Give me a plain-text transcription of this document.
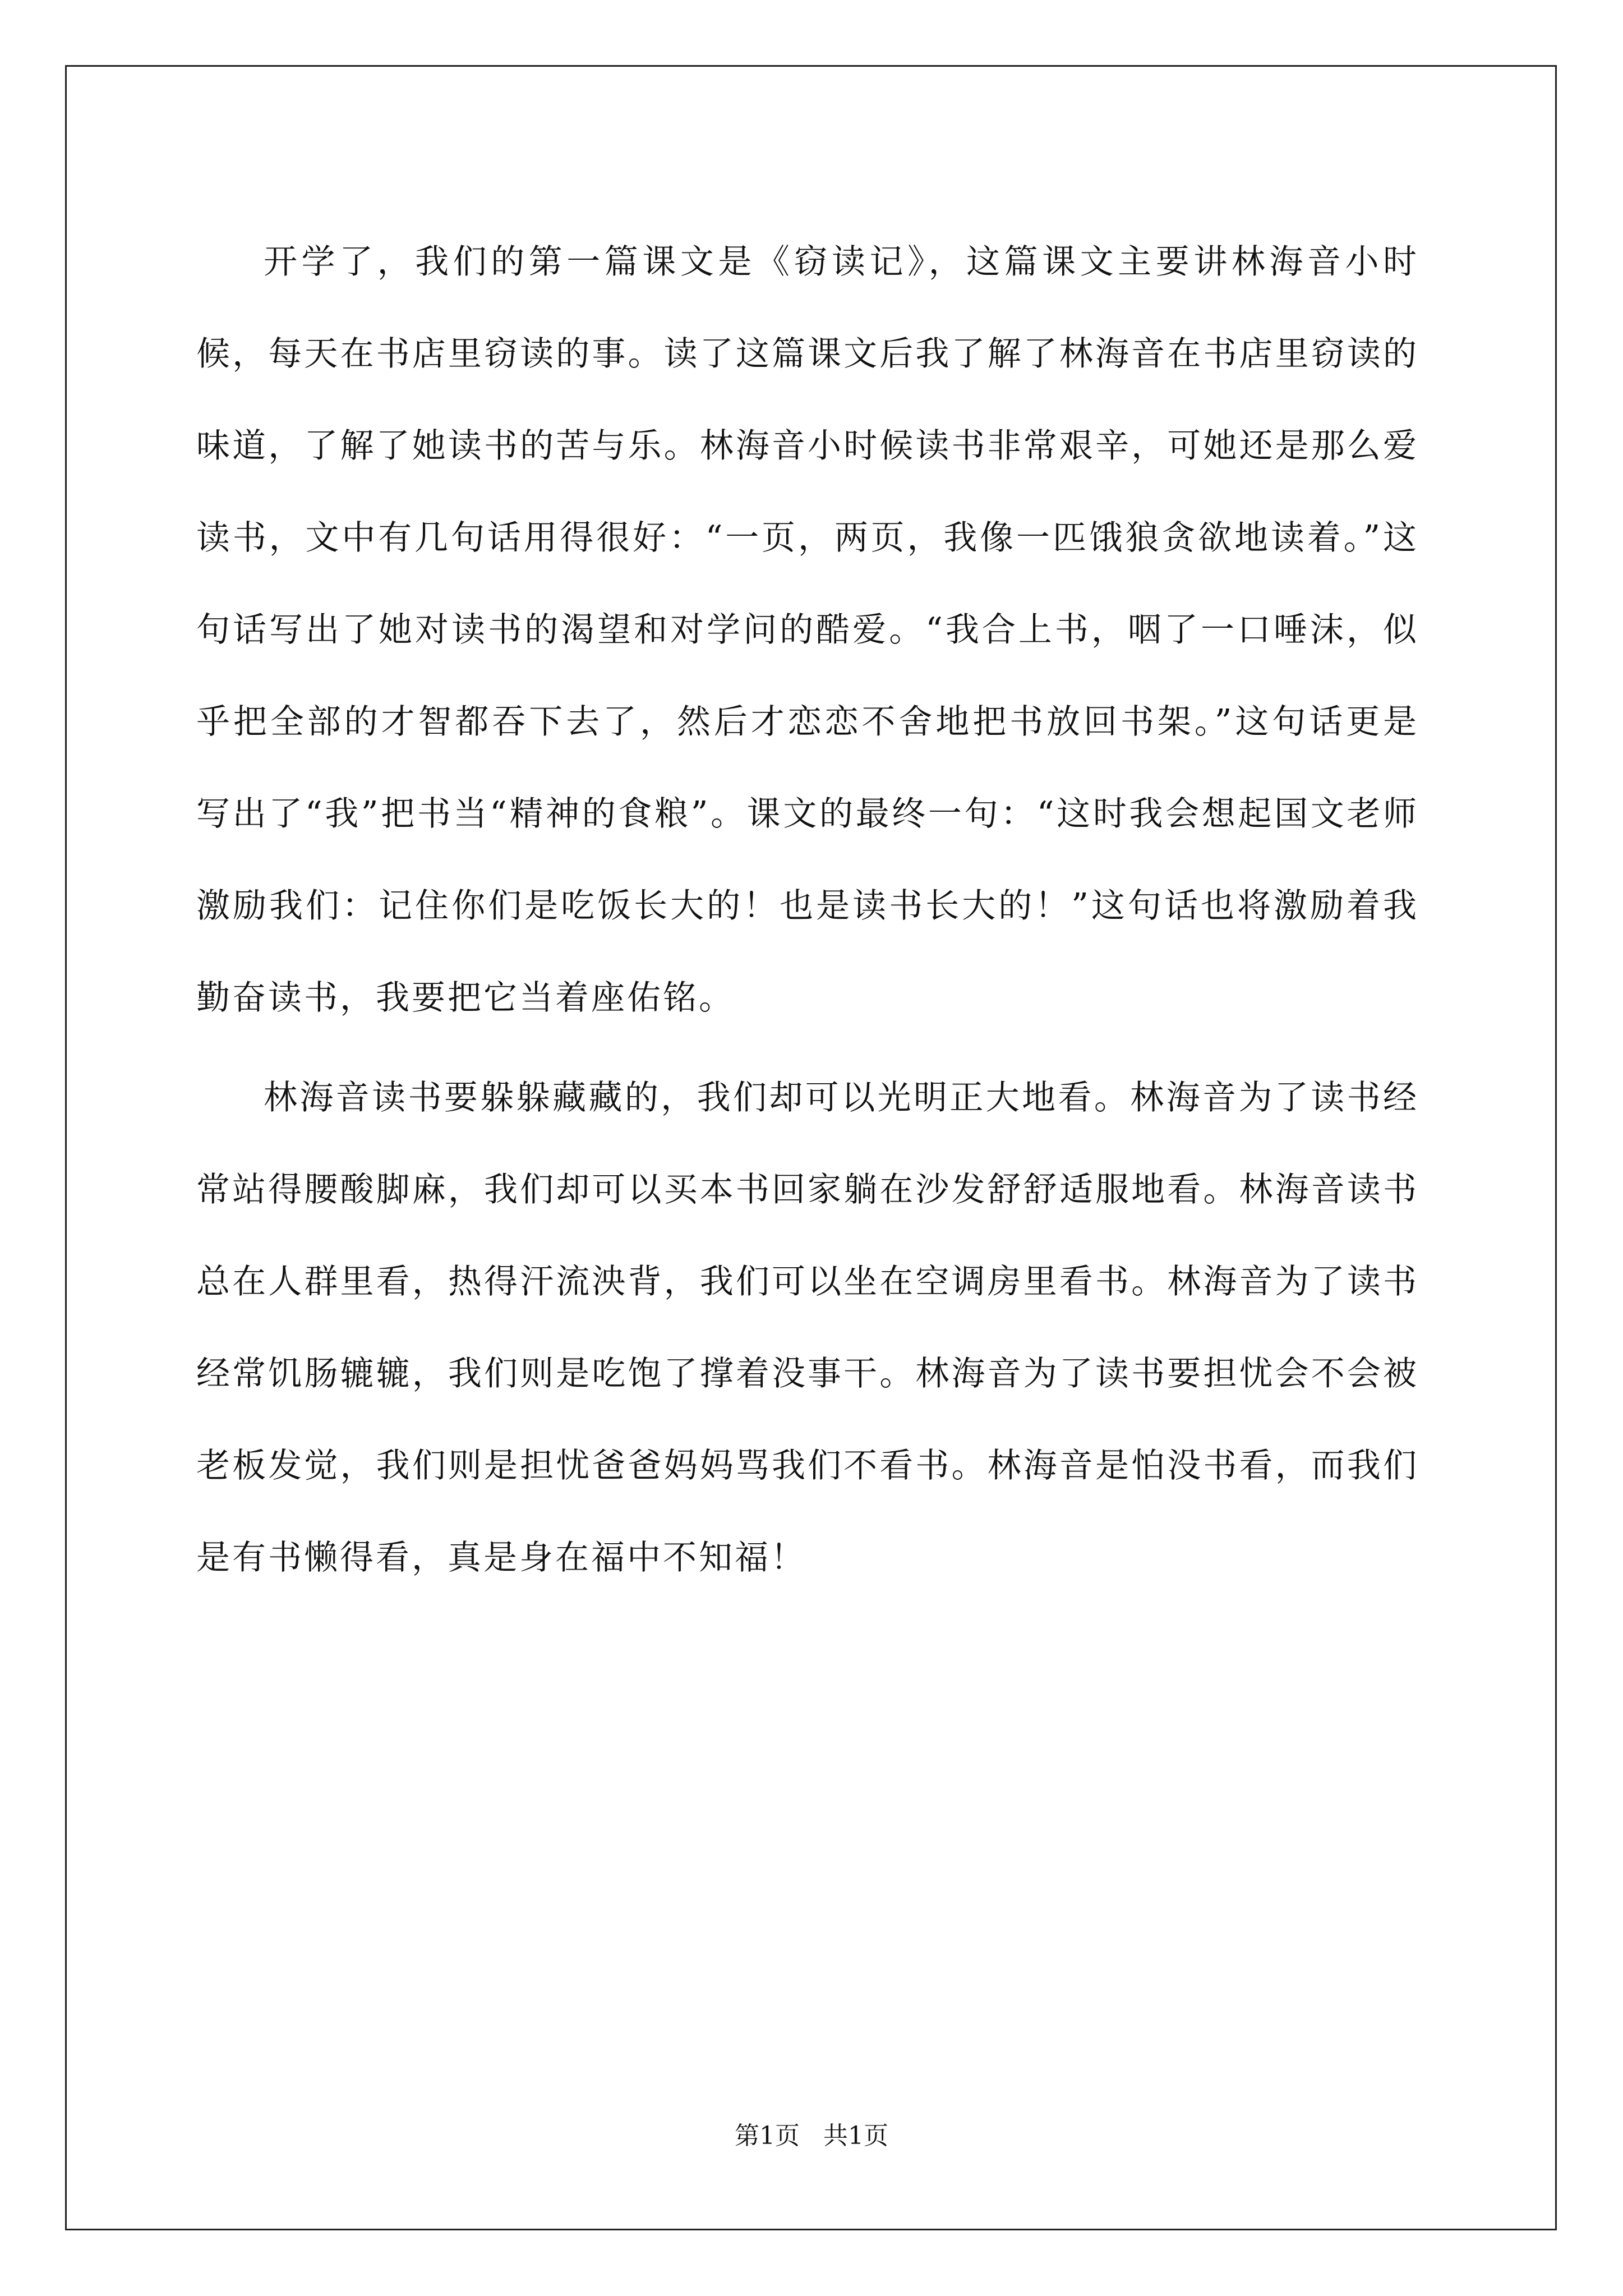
开学了，我们的第一篇课文是《窃读记》，这篇课文主要讲林海音小时候，每天在书店里窃读的事。读了这篇课文后我了解了林海音在书店里窃读的味道，了解了她读书的苦与乐。林海音小时候读书非常艰辛，可她还是那么爱读书，文中有几句话用得很好：“一页，两页，我像一匹饿狼贪欲地读着。”这句话写出了她对读书的渴望和对学问的酷爱。“我合上书，咽了一口唾沫，似乎把全部的才智都吞下去了，然后才恋恋不舍地把书放回书架。”这句话更是写出了“我”把书当“精神的食粮”。课文的最终一句：“这时我会想起国文老师激励我们：记住你们是吃饭长大的！也是读书长大的！”这句话也将激励着我勤奋读书，我要把它当着座佑铭。

林海音读书要躲躲藏藏的，我们却可以光明正大地看。林海音为了读书经常站得腰酸脚麻，我们却可以买本书回家躺在沙发舒舒适服地看。林海音读书总在人群里看，热得汗流泱背，我们可以坐在空调房里看书。林海音为了读书经常饥肠辘辘，我们则是吃饱了撑着没事干。林海音为了读书要担忧会不会被老板发觉，我们则是担忧爸爸妈妈骂我们不看书。林海音是怕没书看，而我们是有书懒得看，真是身在福中不知福！

第1页   共1页
